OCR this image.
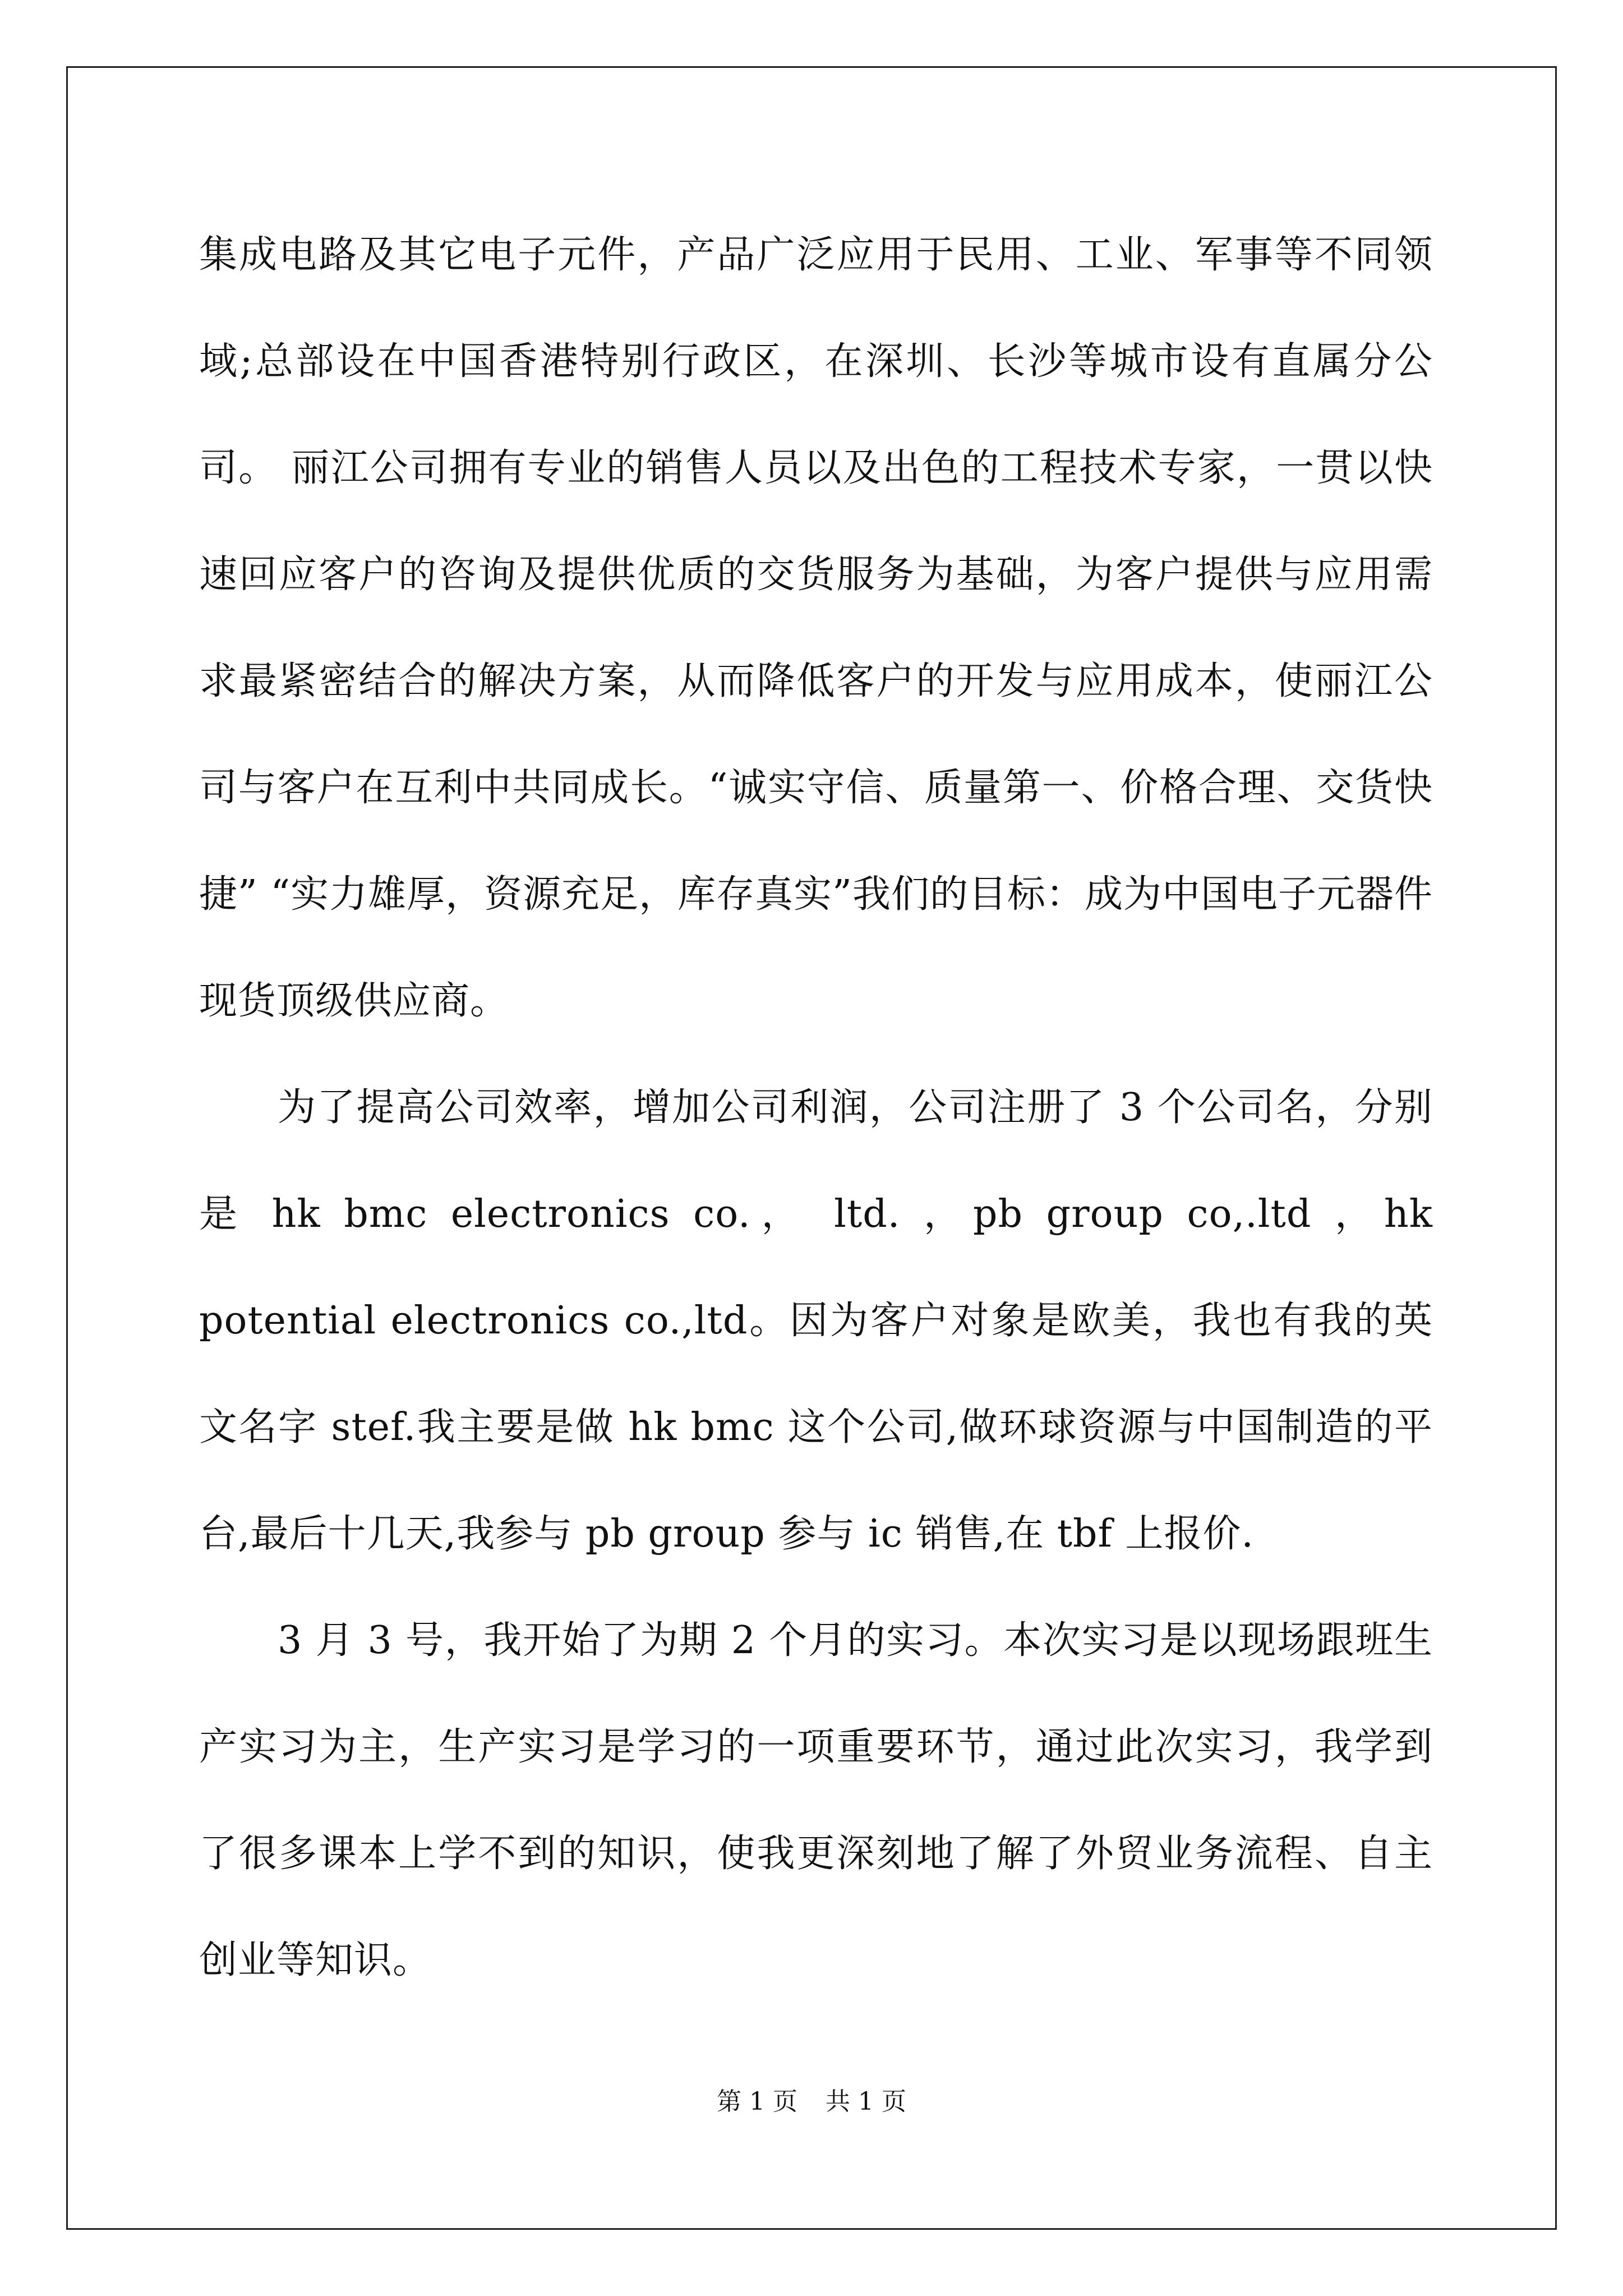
集成电路及其它电子元件，产品广泛应用于民用、工业、军事等不同领域;总部设在中国香港特别行政区，在深圳、长沙等城市设有直属分公司。 丽江公司拥有专业的销售人员以及出色的工程技术专家，一贯以快速回应客户的咨询及提供优质的交货服务为基础，为客户提供与应用需求最紧密结合的解决方案，从而降低客户的开发与应用成本，使丽江公司与客户在互利中共同成长。“诚实守信、质量第一、价格合理、交货快捷” “实力雄厚，资源充足，库存真实”我们的目标：成为中国电子元器件现货顶级供应商。

为了提高公司效率，增加公司利润，公司注册了 3 个公司名，分别是 hk bmc electronics co.， ltd. ，pb group co,.ltd ，hk potential electronics co.,ltd。因为客户对象是欧美，我也有我的英文名字 stef.我主要是做 hk bmc 这个公司,做环球资源与中国制造的平台,最后十几天,我参与 pb group 参与 ic 销售,在 tbf 上报价.

3 月 3 号，我开始了为期 2 个月的实习。本次实习是以现场跟班生产实习为主，生产实习是学习的一项重要环节，通过此次实习，我学到了很多课本上学不到的知识，使我更深刻地了解了外贸业务流程、自主创业等知识。

第 1 页 共 1 页
